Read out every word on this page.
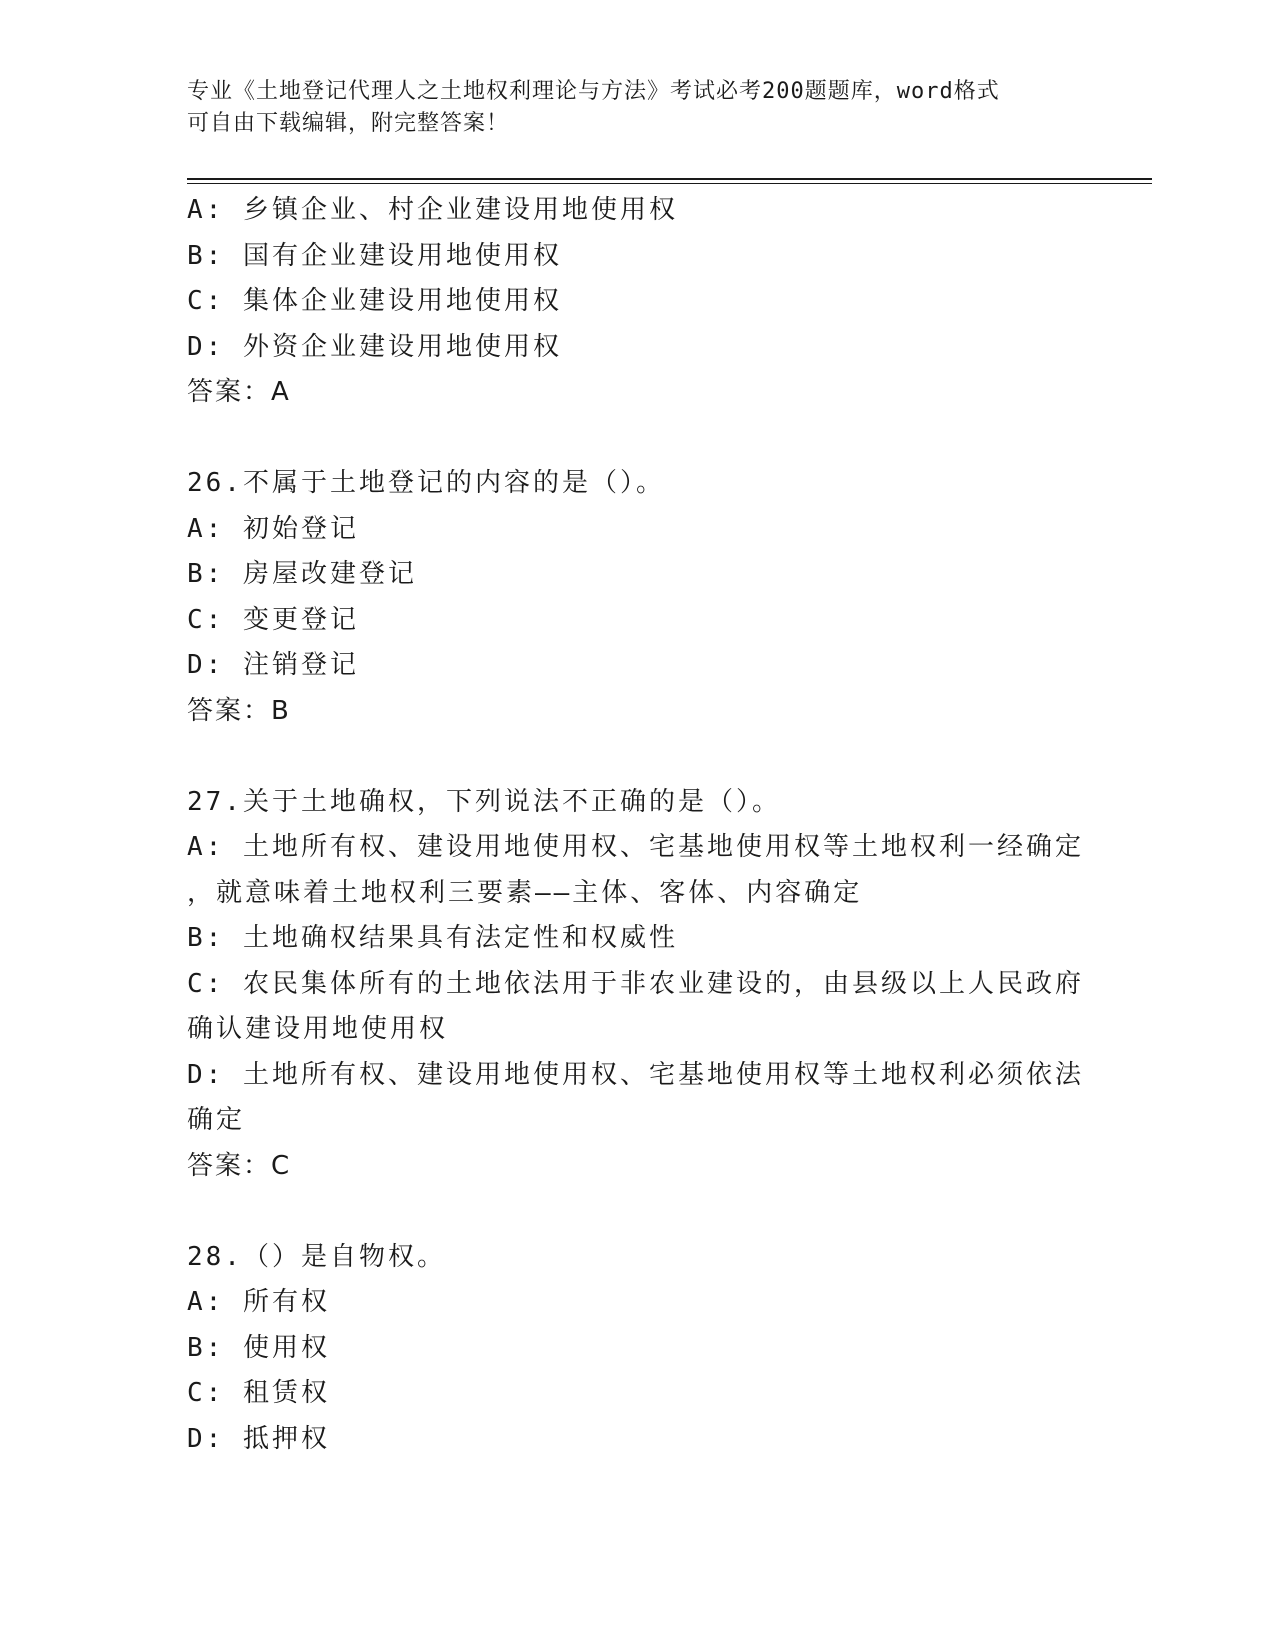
专业《土地登记代理人之土地权利理论与方法》考试必考200题题库，word格式
可自由下载编辑，附完整答案！
A: 乡镇企业、村企业建设用地使用权
B: 国有企业建设用地使用权
C: 集体企业建设用地使用权
D: 外资企业建设用地使用权
答案：A
26.不属于土地登记的内容的是（）。
A: 初始登记
B: 房屋改建登记
C: 变更登记
D: 注销登记
答案：B
27.关于土地确权，下列说法不正确的是（）。
A: 土地所有权、建设用地使用权、宅基地使用权等土地权利一经确定
，就意味着土地权利三要素——主体、客体、内容确定
B: 土地确权结果具有法定性和权威性
C: 农民集体所有的土地依法用于非农业建设的，由县级以上人民政府
确认建设用地使用权
D: 土地所有权、建设用地使用权、宅基地使用权等土地权利必须依法
确定
答案：C
28.（）是自物权。
A: 所有权
B: 使用权
C: 租赁权
D: 抵押权
